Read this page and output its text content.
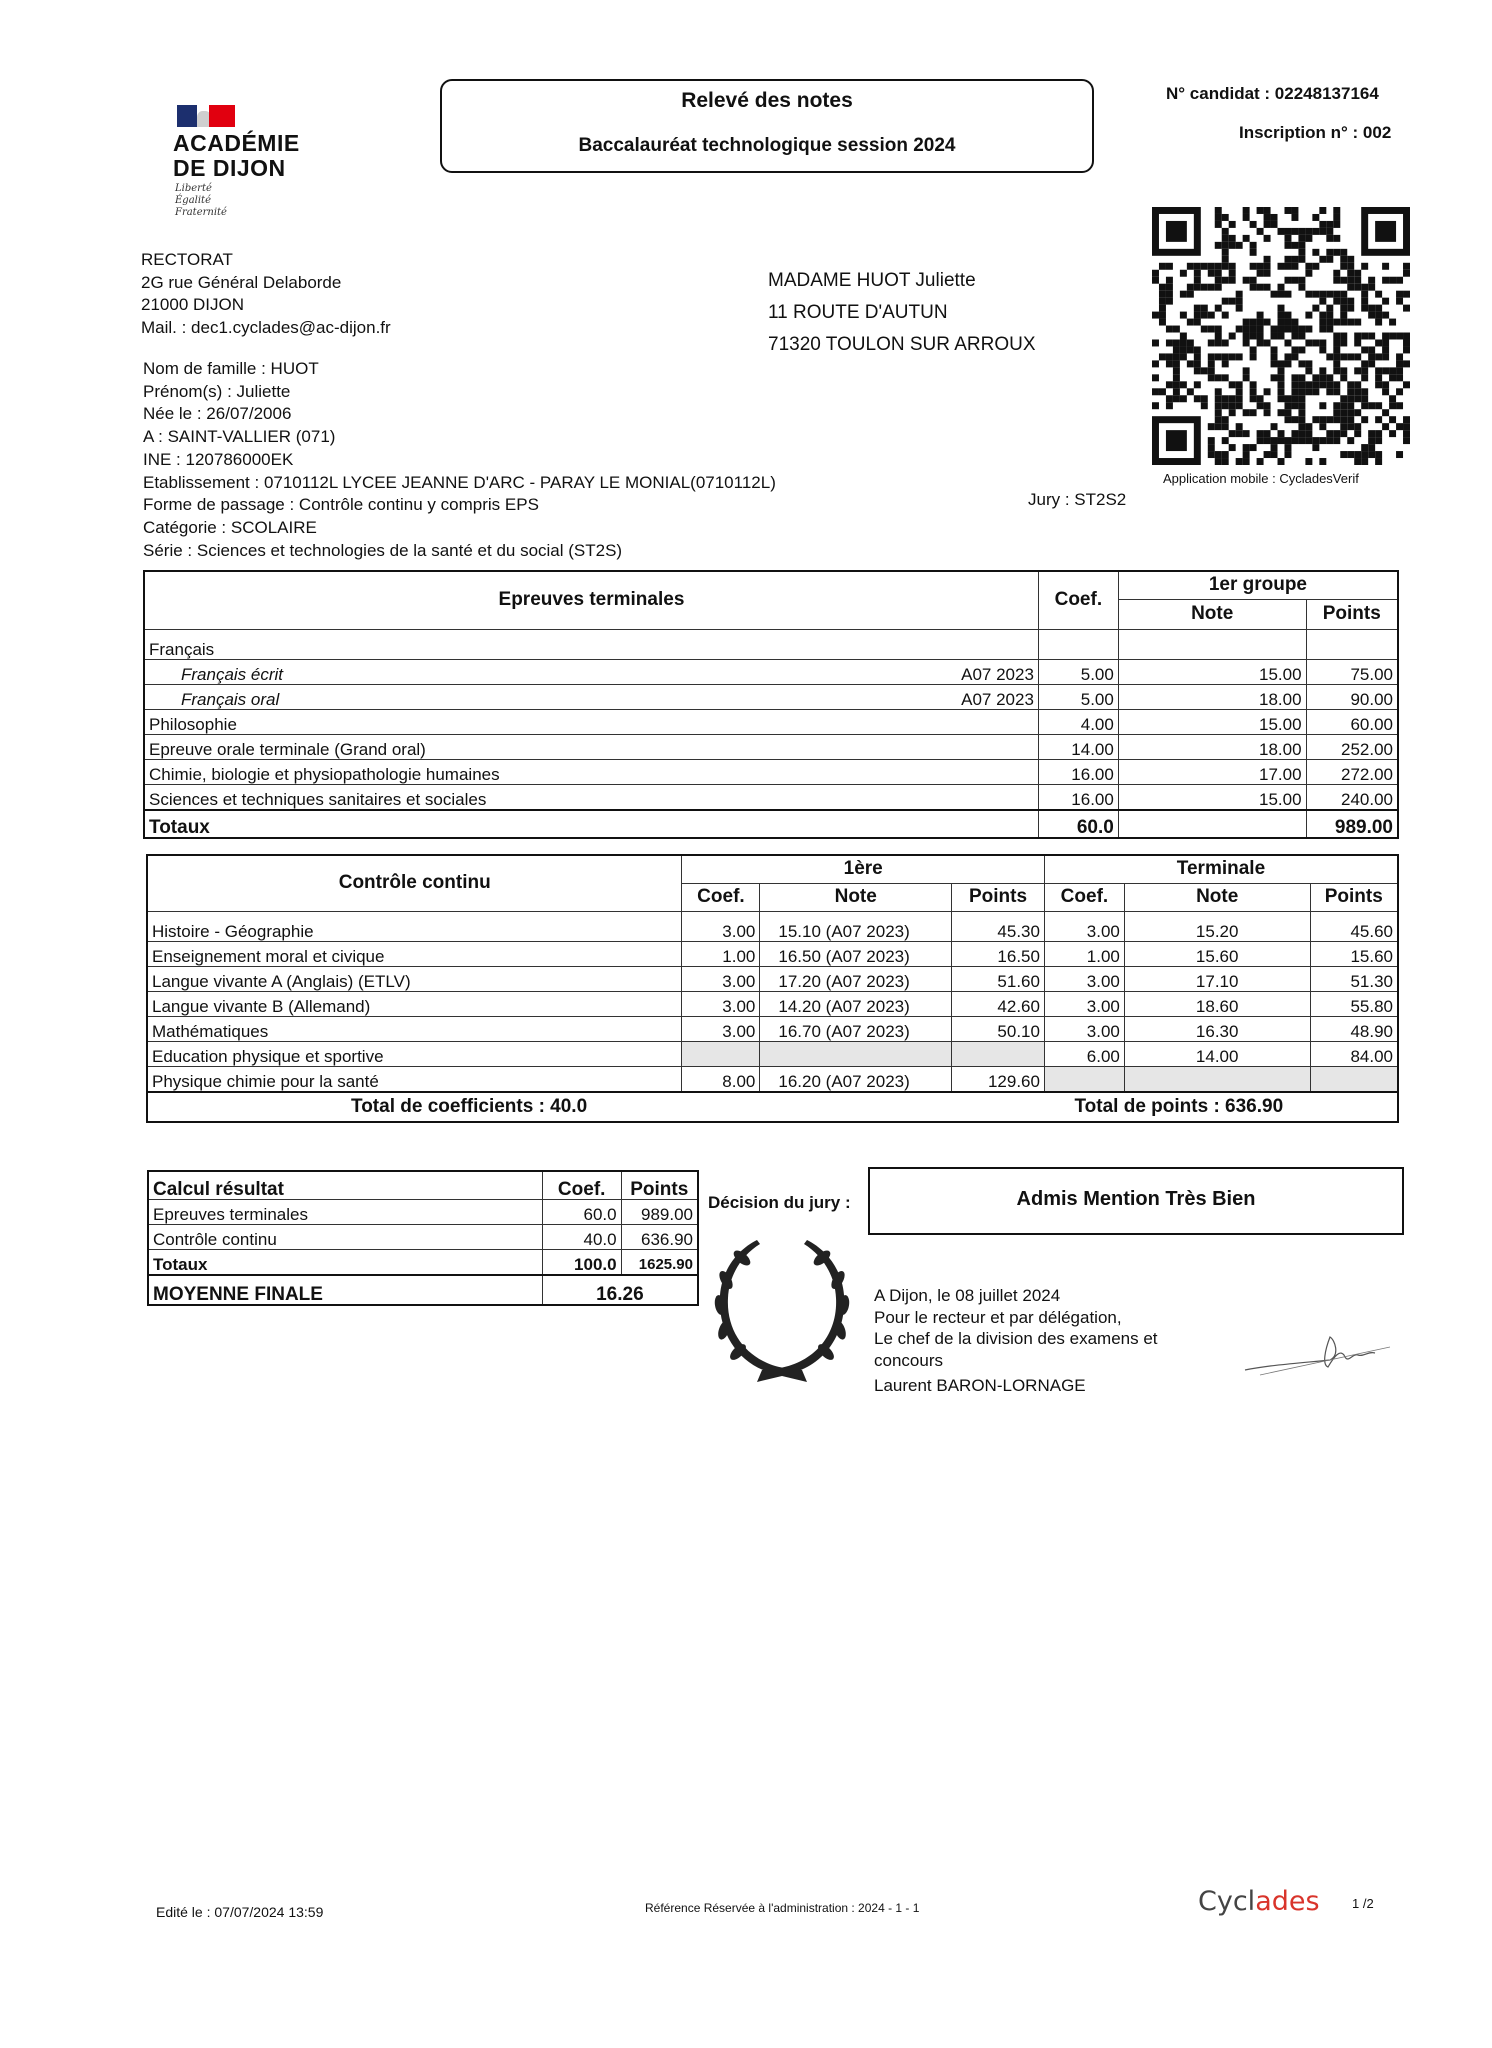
ACADÉMIE
DE DIJON
Liberté
Égalité
Fraternité
Relevé des notes
Baccalauréat technologique session 2024
N° candidat : 02248137164
Inscription n° : 002
Application mobile : CycladesVerif
RECTORAT
2G rue Général Delaborde
21000 DIJON
Mail. : dec1.cyclades@ac-dijon.fr
MADAME HUOT Juliette
11 ROUTE D'AUTUN
71320 TOULON SUR ARROUX
Nom de famille : HUOT
Prénom(s) : Juliette
Née le : 26/07/2006
A : SAINT-VALLIER (071)
INE : 120786000EK
Etablissement : 0710112L LYCEE JEANNE D'ARC - PARAY LE MONIAL(0710112L)
Forme de passage : Contrôle continu y compris EPS
Catégorie : SCOLAIRE
Série : Sciences et technologies de la santé et du social (ST2S)
Jury : ST2S2
Epreuves terminales	Coef.	1er groupe	
		Note	Points

Français			

A07 2023
Français écrit	5.00	15.00	75.00

A07 2023
Français oral	5.00	18.00	90.00

Philosophie	4.00	15.00	60.00

Epreuve orale terminale (Grand oral)	14.00	18.00	252.00

Chimie, biologie et physiopathologie humaines	16.00	17.00	272.00

Sciences et techniques sanitaires et sociales	16.00	15.00	240.00
Totaux	60.0		989.00
Contrôle continu	1ère			Terminale		
	Coef.	Note	Points	Coef.	Note	Points
Histoire - Géographie	3.00	15.10 (A07 2023)	45.30	3.00	15.20	45.60
Enseignement moral et civique	1.00	16.50 (A07 2023)	16.50	1.00	15.60	15.60
Langue vivante A (Anglais) (ETLV)	3.00	17.20 (A07 2023)	51.60	3.00	17.10	51.30
Langue vivante B (Allemand)	3.00	14.20 (A07 2023)	42.60	3.00	18.60	55.80
Mathématiques	3.00	16.70 (A07 2023)	50.10	3.00	16.30	48.90
Education physique et sportive				6.00	14.00	84.00
Physique chimie pour la santé	8.00	16.20 (A07 2023)	129.60			
Total de coefficients : 40.0				Total de points : 636.90		
Calcul résultat	Coef.	Points
Epreuves terminales	60.0	989.00
Contrôle continu	40.0	636.90
Totaux	100.0	1625.90
MOYENNE FINALE	16.26	
Décision du jury :	Admis Mention Très Bien
A Dijon, le 08 juillet 2024
Pour le recteur et par délégation,
Le chef de la division des examens et
concours
Laurent BARON-LORNAGE
Edité le : 07/07/2024 13:59	Référence Réservée à l'administration : 2024 - 1 - 1	Cyclades 1 /2
